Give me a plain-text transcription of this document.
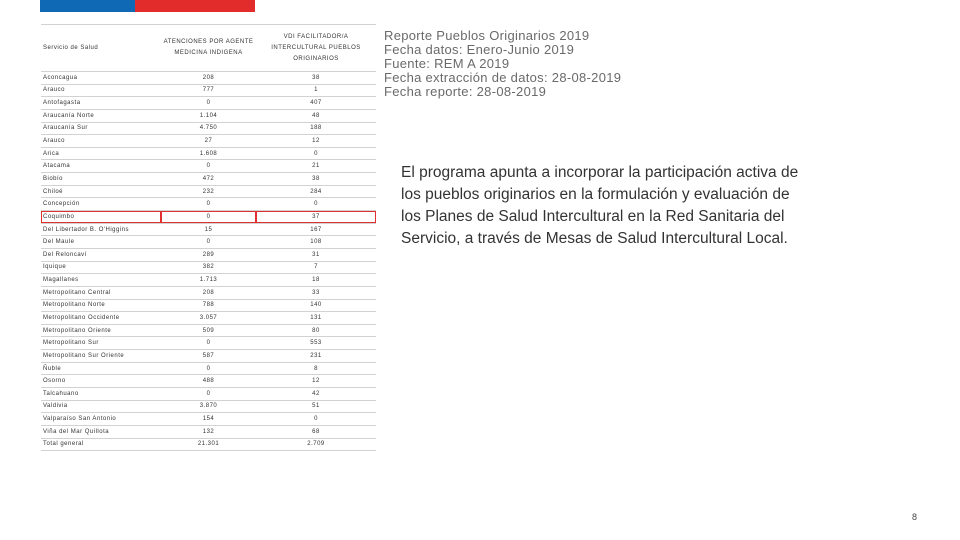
Servicio de Salud	ATENCIONES POR AGENTE MEDICINA INDIGENA	VDI FACILITADOR/A INTERCULTURAL PUEBLOS ORIGINARIOS
Aconcagua	208	38
Arauco	777	1
Antofagasta	0	407
Araucanía Norte	1.104	48
Araucanía Sur	4.750	188
Arauco	27	12
Arica	1.608	0
Atacama	0	21
Biobío	472	38
Chiloé	232	284
Concepción	0	0
Coquimbo	0	37
Del Libertador B. O'Higgins	15	167
Del Maule	0	108
Del Reloncaví	289	31
Iquique	382	7
Magallanes	1.713	18
Metropolitano Central	208	33
Metropolitano Norte	788	140
Metropolitano Occidente	3.057	131
Metropolitano Oriente	509	80
Metropolitano Sur	0	553
Metropolitano Sur Oriente	587	231
Ñuble	0	8
Osorno	488	12
Talcahuano	0	42
Valdivia	3.870	51
Valparaíso San Antonio	154	0
Viña del Mar Quillota	132	68
Total general	21.301	2.709
Reporte Pueblos Originarios 2019
Fecha datos: Enero-Junio 2019
Fuente: REM A 2019
Fecha extracción de datos: 28-08-2019
Fecha reporte: 28-08-2019
El programa apunta a incorporar la participación activa de los pueblos originarios en la formulación y evaluación de los Planes de Salud Intercultural en la Red Sanitaria del Servicio, a través de Mesas de Salud Intercultural Local.
8
